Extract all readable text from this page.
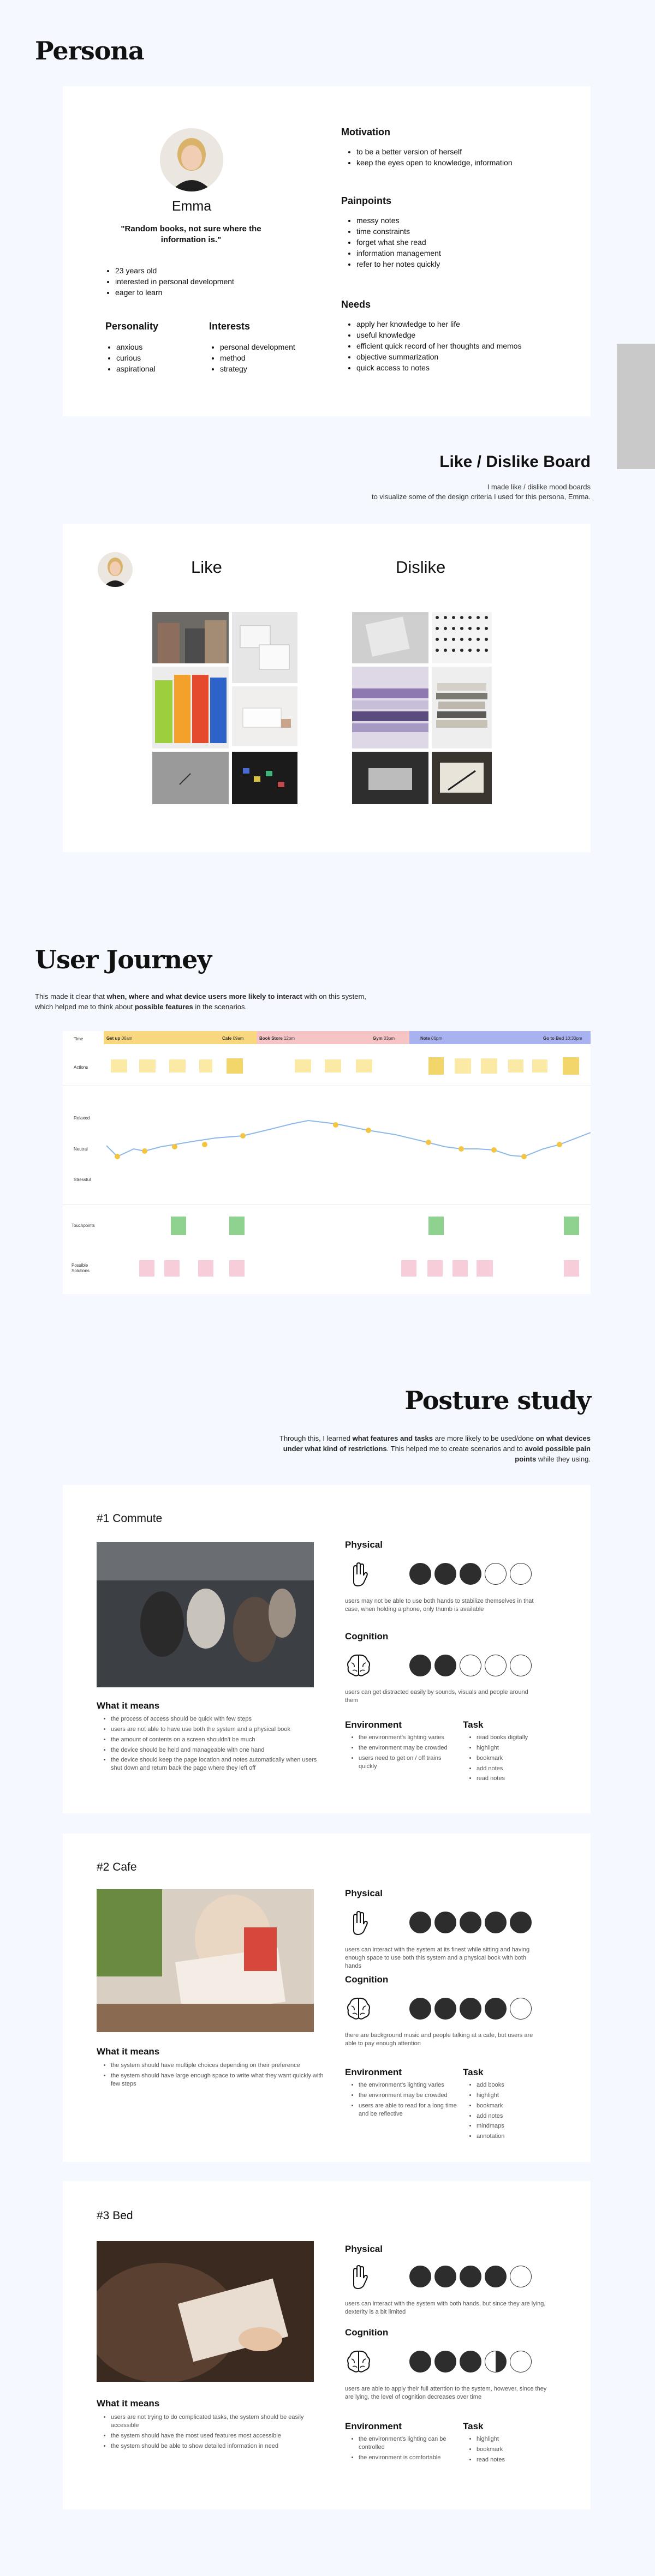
Persona
Emma
"Random books, not sure where the information is."
• 23 years old
• interested in personal development
• eager to learn
Personality
• anxious
• curious
• aspirational
Interests
• personal development
• method
• strategy
Motivation
• to be a better version of herself
• keep the eyes open to knowledge, information
Painpoints
• messy notes
• time constraints
• forget what she read
• information management
• refer to her notes quickly
Needs
• apply her knowledge to her life
• useful knowledge
• efficient quick record of her thoughts and memos
• objective summarization
• quick access to notes
Like / Dislike Board
I made like / dislike mood boards
to visualize some of the design criteria I used for this persona, Emma.
Like	Dislike
User Journey
This made it clear that when, where and what device users more likely to interact with on this system,
which helped me to think about possible features in the scenarios.
Time	Get up 06am	Cafe 09am	Book Store 12pm	Gym 03pm	Note 06pm	Go to Bed 10:30pm
Actions
Relaxed
Neutral
Stressful
Touchpoints
Possible Solutions
Posture study
Through this, I learned what features and tasks are more likely to be used/done on what devices under what kind of restrictions. This helped me to create scenarios and to avoid possible pain points while they using.
#1 Commute
What it means
• the process of access should be quick with few steps
• users are not able to have use both the system and a physical book
• the amount of contents on a screen shouldn't be much
• the device should be held and manageable with one hand
• the device should keep the page location and notes automatically when users shut down and return back the page where they left off
Physical
users may not be able to use both hands to stabilize themselves in that case, when holding a phone, only thumb is available
Cognition
users can get distracted easily by sounds, visuals and people around them
Environment
• the environment's lighting varies
• the environment may be crowded
• users need to get on / off trains quickly
Task
• read books digitally
• highlight
• bookmark
• add notes
• read notes
#2 Cafe
What it means
• the system should have multiple choices depending on their preference
• the system should have large enough space to write what they want quickly with few steps
Physical
users can interact with the system at its finest while sitting and having enough space to use both this system and a physical book with both hands
Cognition
there are background music and people talking at a cafe, but users are able to pay enough attention
Environment
• the environment's lighting varies
• the environment may be crowded
• users are able to read for a long time and be reflective
Task
• add books
• highlight
• bookmark
• add notes
• mindmaps
• annotation
#3 Bed
What it means
• users are not trying to do complicated tasks, the system should be easily accessible
• the system should have the most used features most accessible
• the system should be able to show detailed information in need
Physical
users can interact with the system with both hands, but since they are lying, dexterity is a bit limited
Cognition
users are able to apply their full attention to the system, however, since they are lying, the level of cognition decreases over time
Environment
• the environment's lighting can be controlled
• the environment is comfortable
Task
• highlight
• bookmark
• read notes
